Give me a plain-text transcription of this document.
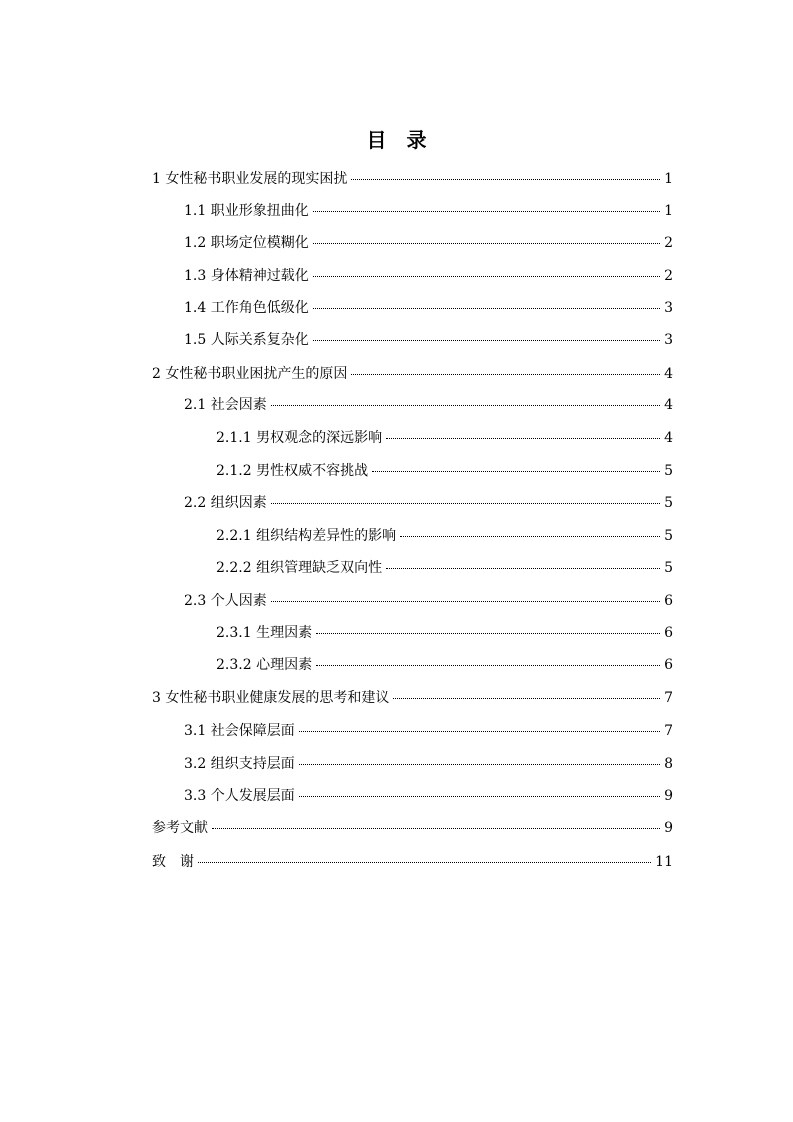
目录
1 女性秘书职业发展的现实困扰	1
1.1 职业形象扭曲化	1
1.2 职场定位模糊化	2
1.3 身体精神过载化	2
1.4 工作角色低级化	3
1.5 人际关系复杂化	3
2 女性秘书职业困扰产生的原因	4
2.1 社会因素	4
2.1.1 男权观念的深远影响	4
2.1.2 男性权威不容挑战	5
2.2 组织因素	5
2.2.1 组织结构差异性的影响	5
2.2.2 组织管理缺乏双向性	5
2.3 个人因素	6
2.3.1 生理因素	6
2.3.2 心理因素	6
3 女性秘书职业健康发展的思考和建议	7
3.1 社会保障层面	7
3.2 组织支持层面	8
3.3 个人发展层面	9
参考文献	9
致　谢	11
